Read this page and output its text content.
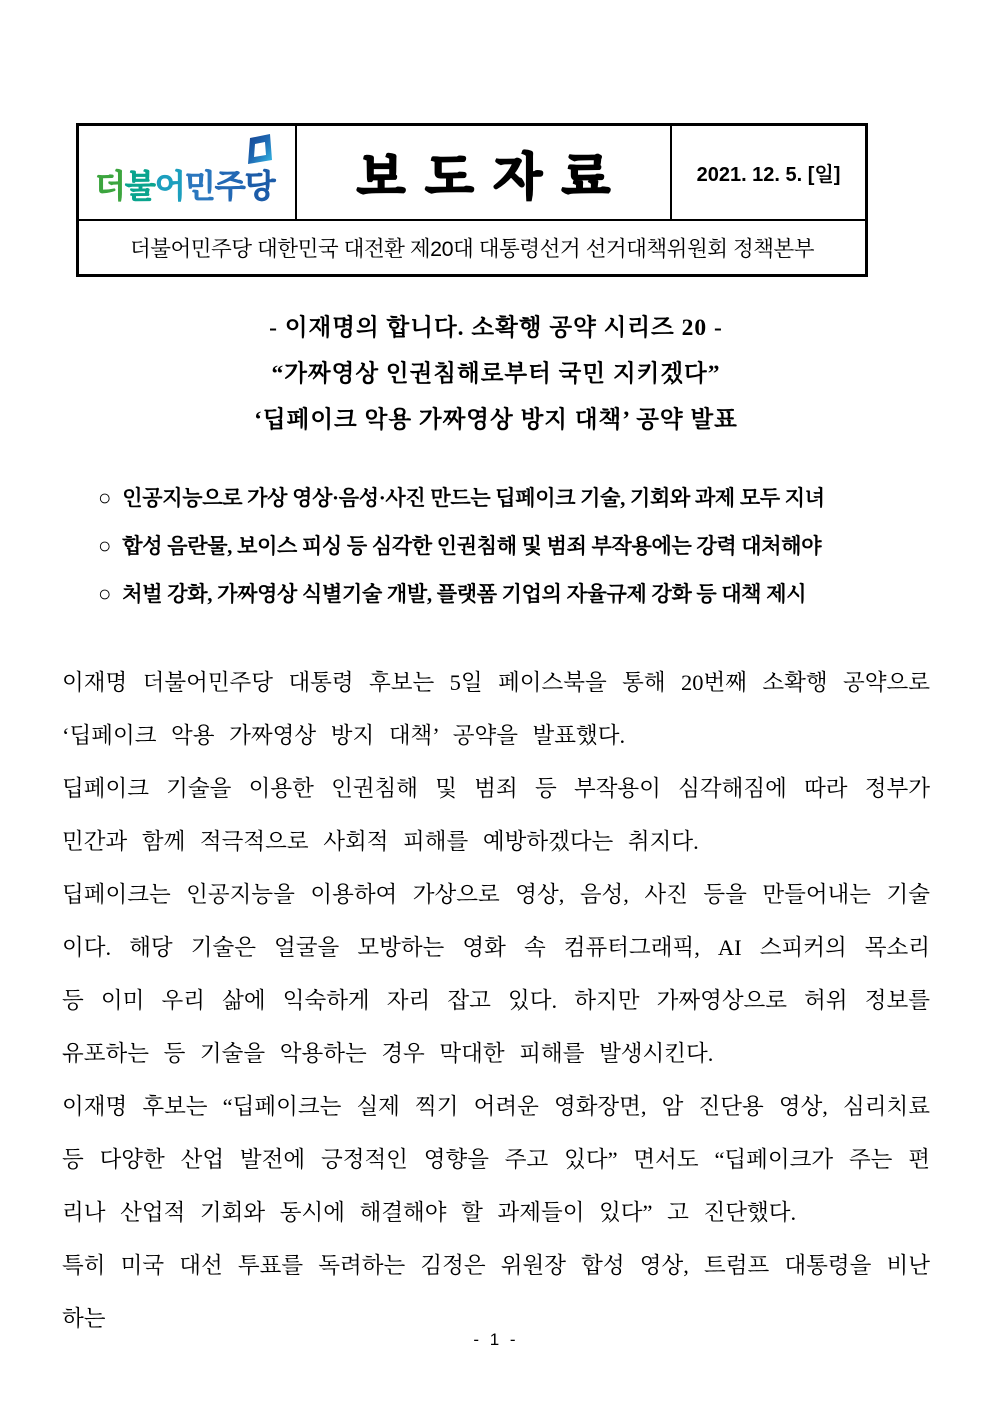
더불어민주당	보도자료	2021. 12. 5. [일]
더불어민주당 대한민국 대전환 제20대 대통령선거 선거대책위원회 정책본부
- 이재명의 합니다. 소확행 공약 시리즈 20 -
“가짜영상 인권침해로부터 국민 지키겠다”
‘딥페이크 악용 가짜영상 방지 대책’ 공약 발표
○ 인공지능으로 가상 영상·음성·사진 만드는 딥페이크 기술, 기회와 과제 모두 지녀
○ 합성 음란물, 보이스 피싱 등 심각한 인권침해 및 범죄 부작용에는 강력 대처해야
○ 처벌 강화, 가짜영상 식별기술 개발, 플랫폼 기업의 자율규제 강화 등 대책 제시

이재명 더불어민주당 대통령 후보는 5일 페이스북을 통해 20번째 소확행 공약으로 ‘딥페이크 악용 가짜영상 방지 대책’ 공약을 발표했다.

딥페이크 기술을 이용한 인권침해 및 범죄 등 부작용이 심각해짐에 따라 정부가 민간과 함께 적극적으로 사회적 피해를 예방하겠다는 취지다.

딥페이크는 인공지능을 이용하여 가상으로 영상, 음성, 사진 등을 만들어내는 기술이다. 해당 기술은 얼굴을 모방하는 영화 속 컴퓨터그래픽, AI 스피커의 목소리 등 이미 우리 삶에 익숙하게 자리 잡고 있다. 하지만 가짜영상으로 허위 정보를 유포하는 등 기술을 악용하는 경우 막대한 피해를 발생시킨다.

이재명 후보는 “딥페이크는 실제 찍기 어려운 영화장면, 암 진단용 영상, 심리치료 등 다양한 산업 발전에 긍정적인 영향을 주고 있다” 면서도 “딥페이크가 주는 편리나 산업적 기회와 동시에 해결해야 할 과제들이 있다” 고 진단했다.

특히 미국 대선 투표를 독려하는 김정은 위원장 합성 영상, 트럼프 대통령을 비난하는

- 1 -
